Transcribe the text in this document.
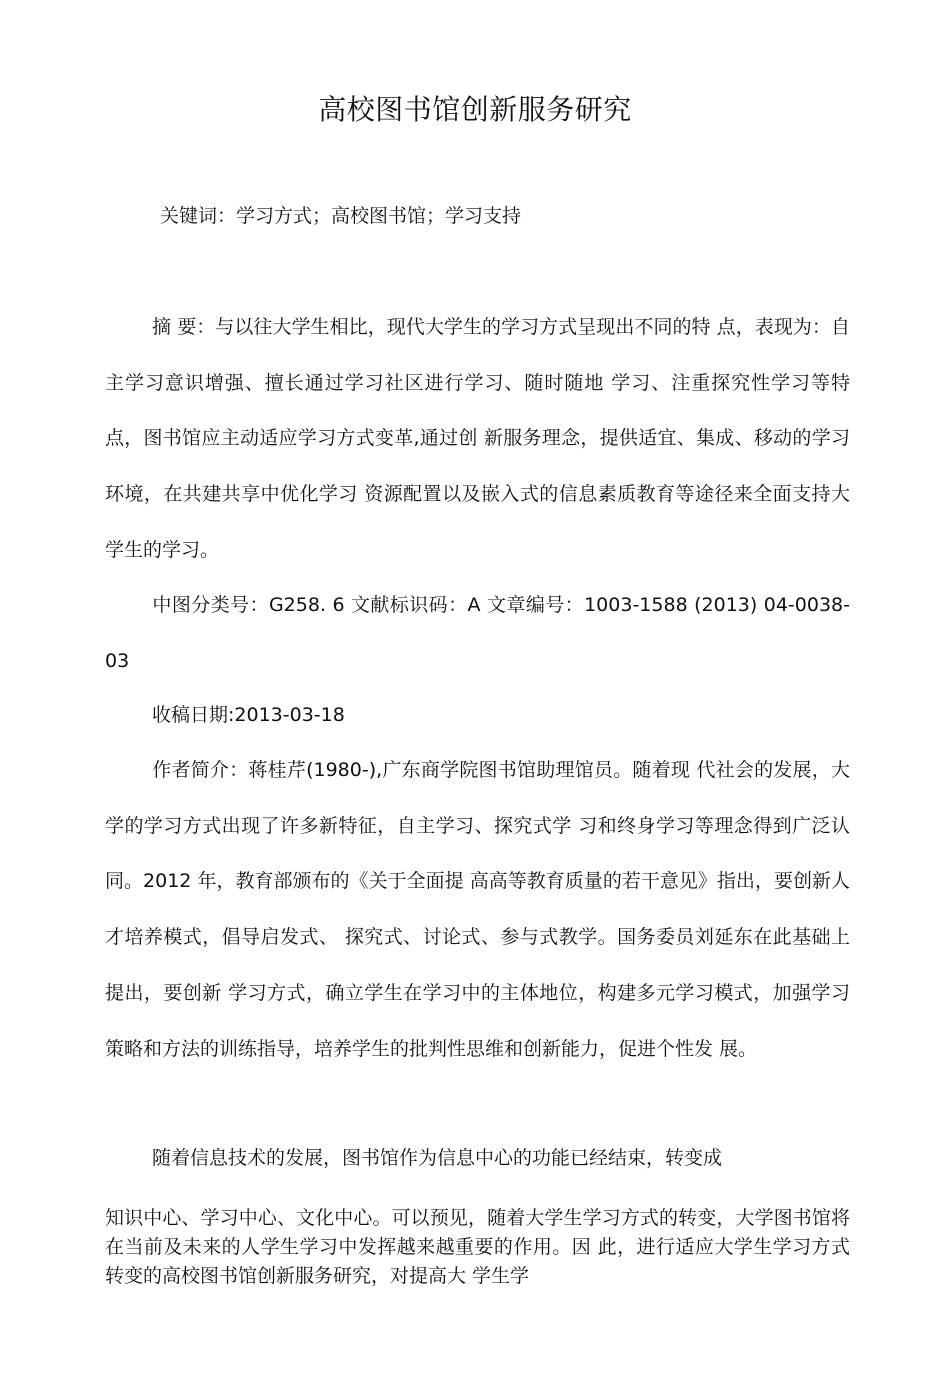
高校图书馆创新服务研究

关键词：学习方式；高校图书馆；学习支持

摘 要：与以往大学生相比，现代大学生的学习方式呈现出不同的特 点，表现为：自主学习意识增强、擅长通过学习社区进行学习、随时随地 学习、注重探究性学习等特点，图书馆应主动适应学习方式变革,通过创 新服务理念，提供适宜、集成、移动的学习环境，在共建共享中优化学习 资源配置以及嵌入式的信息素质教育等途径来全面支持大学生的学习。

中图分类号：G258. 6 文献标识码：A 文章编号：1003-1588 (2013) 04-0038-03

收稿日期:2013-03-18

作者简介：蒋桂芹(1980-),广东商学院图书馆助理馆员。随着现 代社会的发展，大学的学习方式出现了许多新特征，自主学习、探究式学 习和终身学习等理念得到广泛认同。2012 年，教育部颁布的《关于全面提 高高等教育质量的若干意见》指出，要创新人才培养模式，倡导启发式、 探究式、讨论式、参与式教学。国务委员刘延东在此基础上提出，要创新 学习方式，确立学生在学习中的主体地位，构建多元学习模式，加强学习 策略和方法的训练指导，培养学生的批判性思维和创新能力，促进个性发 展。

随着信息技术的发展，图书馆作为信息中心的功能已经结束，转变成

知识中心、学习中心、文化中心。可以预见，随着大学生学习方式的转变，大学图书馆将在当前及未来的人学生学习中发挥越来越重要的作用。因 此，进行适应大学生学习方式转变的高校图书馆创新服务研究，对提高大 学生学
